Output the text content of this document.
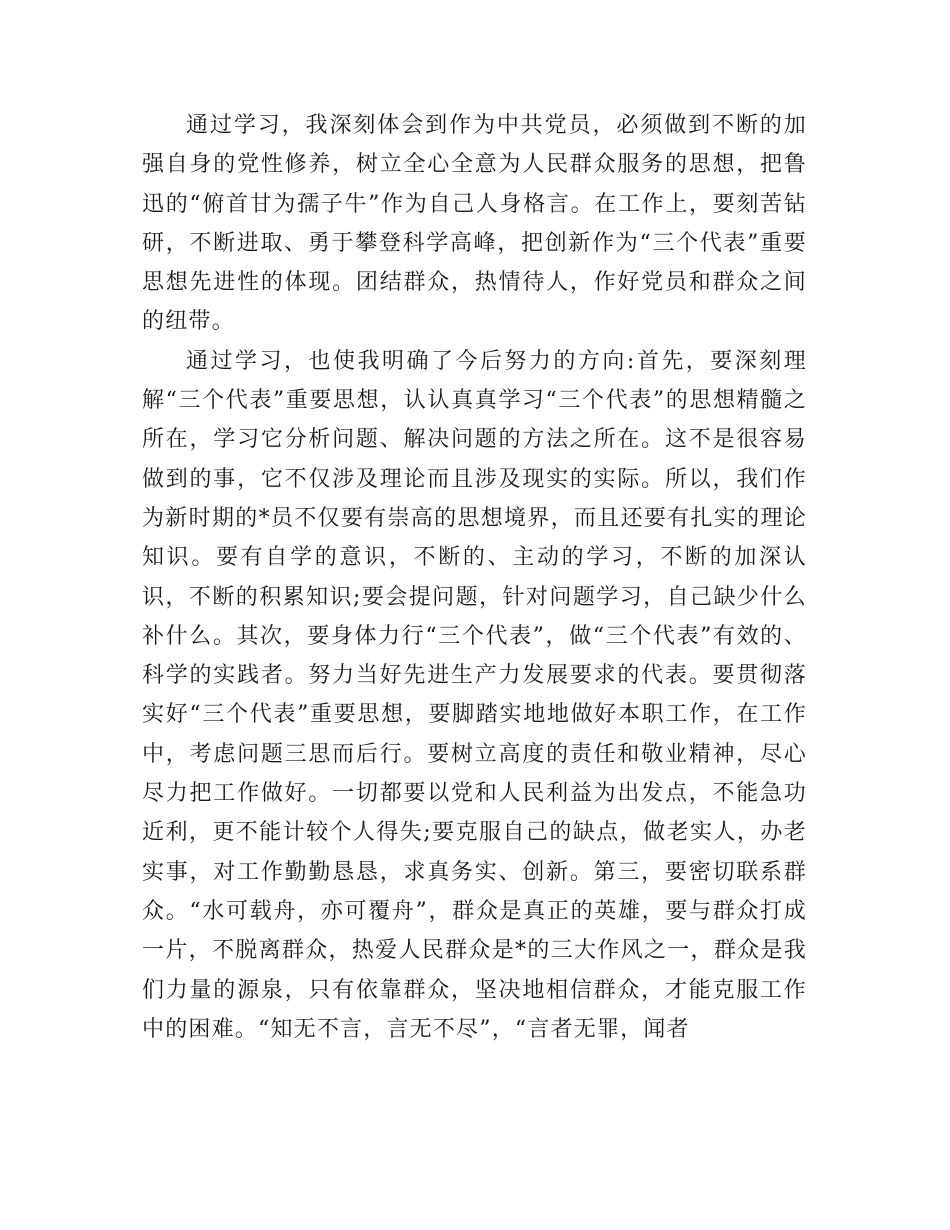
通过学习，我深刻体会到作为中共党员，必须做到不断的加强自身的党性修养，树立全心全意为人民群众服务的思想，把鲁迅的“俯首甘为孺子牛”作为自己人身格言。在工作上，要刻苦钻研，不断进取、勇于攀登科学高峰，把创新作为“三个代表”重要思想先进性的体现。团结群众，热情待人，作好党员和群众之间的纽带。

通过学习，也使我明确了今后努力的方向:首先，要深刻理解“三个代表”重要思想，认认真真学习“三个代表”的思想精髓之所在，学习它分析问题、解决问题的方法之所在。这不是很容易做到的事，它不仅涉及理论而且涉及现实的实际。所以，我们作为新时期的*员不仅要有崇高的思想境界，而且还要有扎实的理论知识。要有自学的意识，不断的、主动的学习，不断的加深认识，不断的积累知识;要会提问题，针对问题学习，自己缺少什么补什么。其次，要身体力行“三个代表”，做“三个代表”有效的、科学的实践者。努力当好先进生产力发展要求的代表。要贯彻落实好“三个代表”重要思想，要脚踏实地地做好本职工作，在工作中，考虑问题三思而后行。要树立高度的责任和敬业精神，尽心尽力把工作做好。一切都要以党和人民利益为出发点，不能急功近利，更不能计较个人得失;要克服自己的缺点，做老实人，办老实事，对工作勤勤恳恳，求真务实、创新。第三，要密切联系群众。“水可载舟，亦可覆舟”，群众是真正的英雄，要与群众打成一片，不脱离群众，热爱人民群众是*的三大作风之一，群众是我们力量的源泉，只有依靠群众，坚决地相信群众，才能克服工作中的困难。“知无不言，言无不尽”，“言者无罪，闻者
